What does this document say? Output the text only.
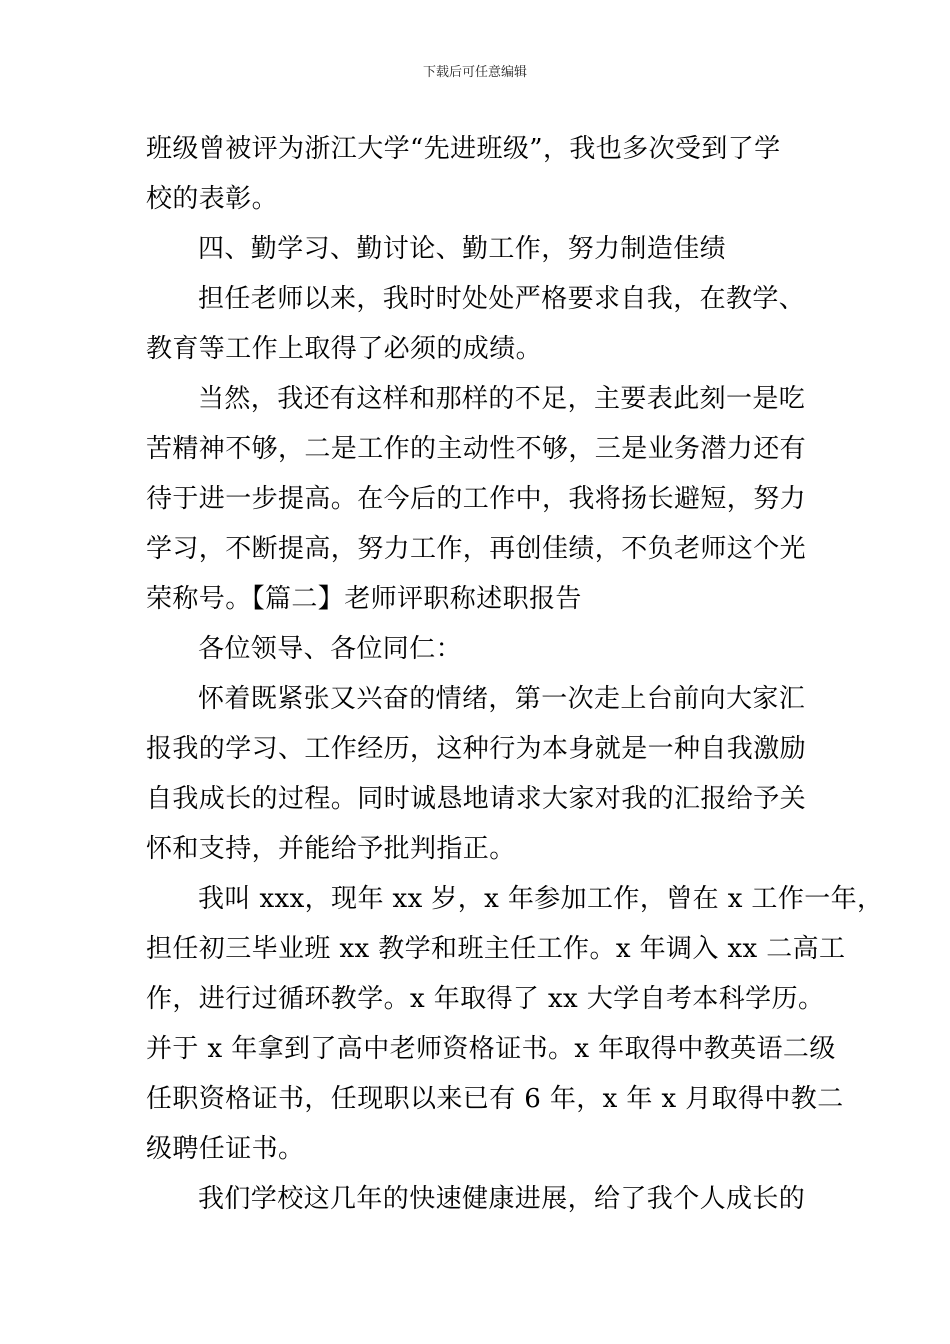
下载后可任意编辑
班级曾被评为浙江大学“先进班级”，我也多次受到了学
校的表彰。
四、勤学习、勤讨论、勤工作，努力制造佳绩
担任老师以来，我时时处处严格要求自我，在教学、
教育等工作上取得了必须的成绩。
当然，我还有这样和那样的不足，主要表此刻一是吃
苦精神不够，二是工作的主动性不够，三是业务潜力还有
待于进一步提高。在今后的工作中，我将扬长避短，努力
学习，不断提高，努力工作，再创佳绩，不负老师这个光
荣称号。【篇二】老师评职称述职报告
各位领导、各位同仁：
怀着既紧张又兴奋的情绪，第一次走上台前向大家汇
报我的学习、工作经历，这种行为本身就是一种自我激励
自我成长的过程。同时诚恳地请求大家对我的汇报给予关
怀和支持，并能给予批判指正。
我叫 xxx，现年 xx 岁，x 年参加工作，曾在 x 工作一年，
担任初三毕业班 xx 教学和班主任工作。x 年调入 xx 二高工
作，进行过循环教学。x 年取得了 xx 大学自考本科学历。
并于 x 年拿到了高中老师资格证书。x 年取得中教英语二级
任职资格证书，任现职以来已有 6 年，x 年 x 月取得中教二
级聘任证书。
我们学校这几年的快速健康进展，给了我个人成长的
